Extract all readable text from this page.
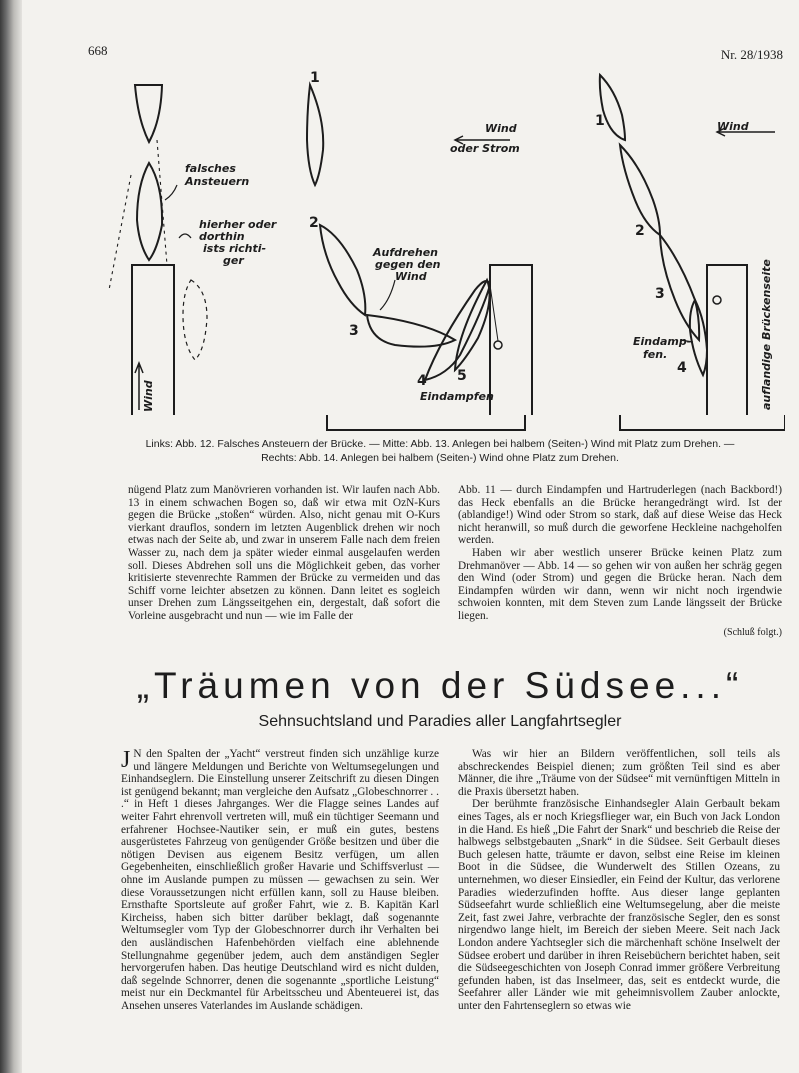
668	Nr. 28/1938
falsches
Ansteuern
hierher oder
dorthin
ists richti-
ger
Wind
Wind
oder Strom
Aufdrehen
gegen den
Wind
Eindampfen
Wind
Eindamp-
fen.	auflandige Brückenseite
1
2
3
4 5
1
2
3
4
Links: Abb. 12. Falsches Ansteuern der Brücke. — Mitte: Abb. 13. Anlegen bei halbem (Seiten-) Wind mit Platz zum Drehen. —
Rechts: Abb. 14. Anlegen bei halbem (Seiten-) Wind ohne Platz zum Drehen.

nügend Platz zum Manövrieren vorhanden ist. Wir laufen nach Abb. 13 in einem schwachen Bogen so, daß wir etwa mit OzN-Kurs gegen die Brücke „stoßen“ würden. Also, nicht genau mit O-Kurs vierkant drauflos, sondern im letzten Augenblick drehen wir noch etwas nach der Seite ab, und zwar in unserem Falle nach dem freien Wasser zu, nach dem ja später wieder einmal ausgelaufen werden soll. Dieses Abdrehen soll uns die Möglichkeit geben, das vorher kritisierte stevenrechte Rammen der Brücke zu vermeiden und das Schiff vorne leichter absetzen zu können. Dann leitet es sogleich unser Drehen zum Längsseitgehen ein, dergestalt, daß sofort die Vorleine ausgebracht und nun — wie im Falle der

Abb. 11 — durch Eindampfen und Hartruderlegen (nach Backbord!) das Heck ebenfalls an die Brücke herangedrängt wird. Ist der (ablandige!) Wind oder Strom so stark, daß auf diese Weise das Heck nicht heranwill, so muß durch die geworfene Heckleine nachgeholfen werden.

Haben wir aber westlich unserer Brücke keinen Platz zum Drehmanöver — Abb. 14 — so gehen wir von außen her schräg gegen den Wind (oder Strom) und gegen die Brücke heran. Nach dem Eindampfen würden wir dann, wenn wir nicht noch irgendwie schwoien konnten, mit dem Steven zum Lande längsseit der Brücke liegen.

(Schluß folgt.)
„Träumen von der Südsee...“
Sehnsuchtsland und Paradies aller Langfahrtsegler

J N den Spalten der „Yacht“ verstreut finden sich unzählige kurze und längere Meldungen und Berichte von Weltumsegelungen und Einhandseglern. Die Einstellung unserer Zeitschrift zu diesen Dingen ist genügend bekannt; man vergleiche den Aufsatz „Globeschnorrer . . .“ in Heft 1 dieses Jahrganges. Wer die Flagge seines Landes auf weiter Fahrt ehrenvoll vertreten will, muß ein tüchtiger Seemann und erfahrener Hochsee-Nautiker sein, er muß ein gutes, bestens ausgerüstetes Fahrzeug von genügender Größe besitzen und über die nötigen Devisen aus eigenem Besitz verfügen, um allen Gegebenheiten, einschließlich großer Havarie und Schiffsverlust — ohne im Auslande pumpen zu müssen — gewachsen zu sein. Wer diese Voraussetzungen nicht erfüllen kann, soll zu Hause bleiben. Ernsthafte Sportsleute auf großer Fahrt, wie z. B. Kapitän Karl Kircheiss, haben sich bitter darüber beklagt, daß sogenannte Weltumsegler vom Typ der Globeschnorrer durch ihr Verhalten bei den ausländischen Hafenbehörden vielfach eine ablehnende Stellungnahme gegenüber jedem, auch dem anständigen Segler hervorgerufen haben. Das heutige Deutschland wird es nicht dulden, daß segelnde Schnorrer, denen die sogenannte „sportliche Leistung“ meist nur ein Deckmantel für Arbeitsscheu und Abenteuerei ist, das Ansehen unseres Vaterlandes im Auslande schädigen.

Was wir hier an Bildern veröffentlichen, soll teils als abschreckendes Beispiel dienen; zum größten Teil sind es aber Männer, die ihre „Träume von der Südsee“ mit vernünftigen Mitteln in die Praxis übersetzt haben.

Der berühmte französische Einhandsegler Alain Gerbault bekam eines Tages, als er noch Kriegsflieger war, ein Buch von Jack London in die Hand. Es hieß „Die Fahrt der Snark“ und beschrieb die Reise der halbwegs selbstgebauten „Snark“ in die Südsee. Seit Gerbault dieses Buch gelesen hatte, träumte er davon, selbst eine Reise im kleinen Boot in die Südsee, die Wunderwelt des Stillen Ozeans, zu unternehmen, wo dieser Einsiedler, ein Feind der Kultur, das verlorene Paradies wiederzufinden hoffte. Aus dieser lange geplanten Südseefahrt wurde schließlich eine Weltumsegelung, aber die meiste Zeit, fast zwei Jahre, verbrachte der französische Segler, den es sonst nirgendwo lange hielt, im Bereich der sieben Meere. Seit nach Jack London andere Yachtsegler sich die märchenhaft schöne Inselwelt der Südsee erobert und darüber in ihren Reisebüchern berichtet haben, seit die Südseegeschichten von Joseph Conrad immer größere Verbreitung gefunden haben, ist das Inselmeer, das, seit es entdeckt wurde, die Seefahrer aller Länder wie mit geheimnisvollem Zauber anlockte, unter den Fahrtenseglern so etwas wie
